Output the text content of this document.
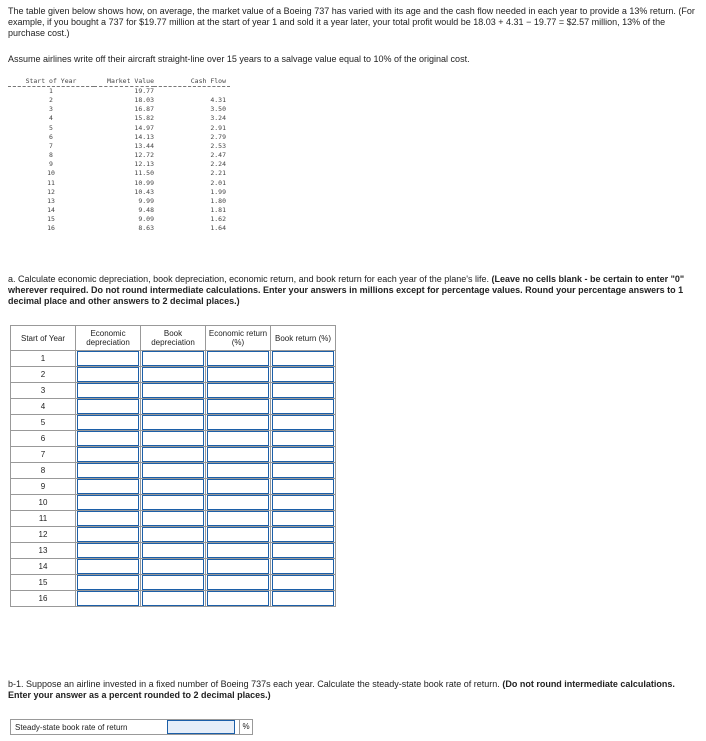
The table given below shows how, on average, the market value of a Boeing 737 has varied with its age and the cash flow needed in each year to provide a 13% return. (For example, if you bought a 737 for $19.77 million at the start of year 1 and sold it a year later, your total profit would be 18.03 + 4.31 − 19.77 = $2.57 million, 13% of the purchase cost.)
Assume airlines write off their aircraft straight-line over 15 years to a salvage value equal to 10% of the original cost.
Start of Year	Market Value	Cash Flow
1	19.77	
2	18.03	4.31
3	16.87	3.50
4	15.82	3.24
5	14.97	2.91
6	14.13	2.79
7	13.44	2.53
8	12.72	2.47
9	12.13	2.24
10	11.50	2.21
11	10.99	2.01
12	10.43	1.99
13	9.99	1.80
14	9.48	1.81
15	9.09	1.62
16	8.63	1.64
a. Calculate economic depreciation, book depreciation, economic return, and book return for each year of the plane's life. (Leave no cells blank - be certain to enter "0" wherever required. Do not round intermediate calculations. Enter your answers in millions except for percentage values. Round your percentage answers to 1 decimal place and other answers to 2 decimal places.)
Start of Year	Economic depreciation	Book depreciation	Economic return (%)	Book return (%)
1	

2	

3	

4	

5	

6	

7	

8	

9	

10	

11	

12	

13	

14	

15	

16	

b-1. Suppose an airline invested in a fixed number of Boeing 737s each year. Calculate the steady-state book rate of return. (Do not round intermediate calculations. Enter your answer as a percent rounded to 2 decimal places.)
Steady-state book rate of return	%
